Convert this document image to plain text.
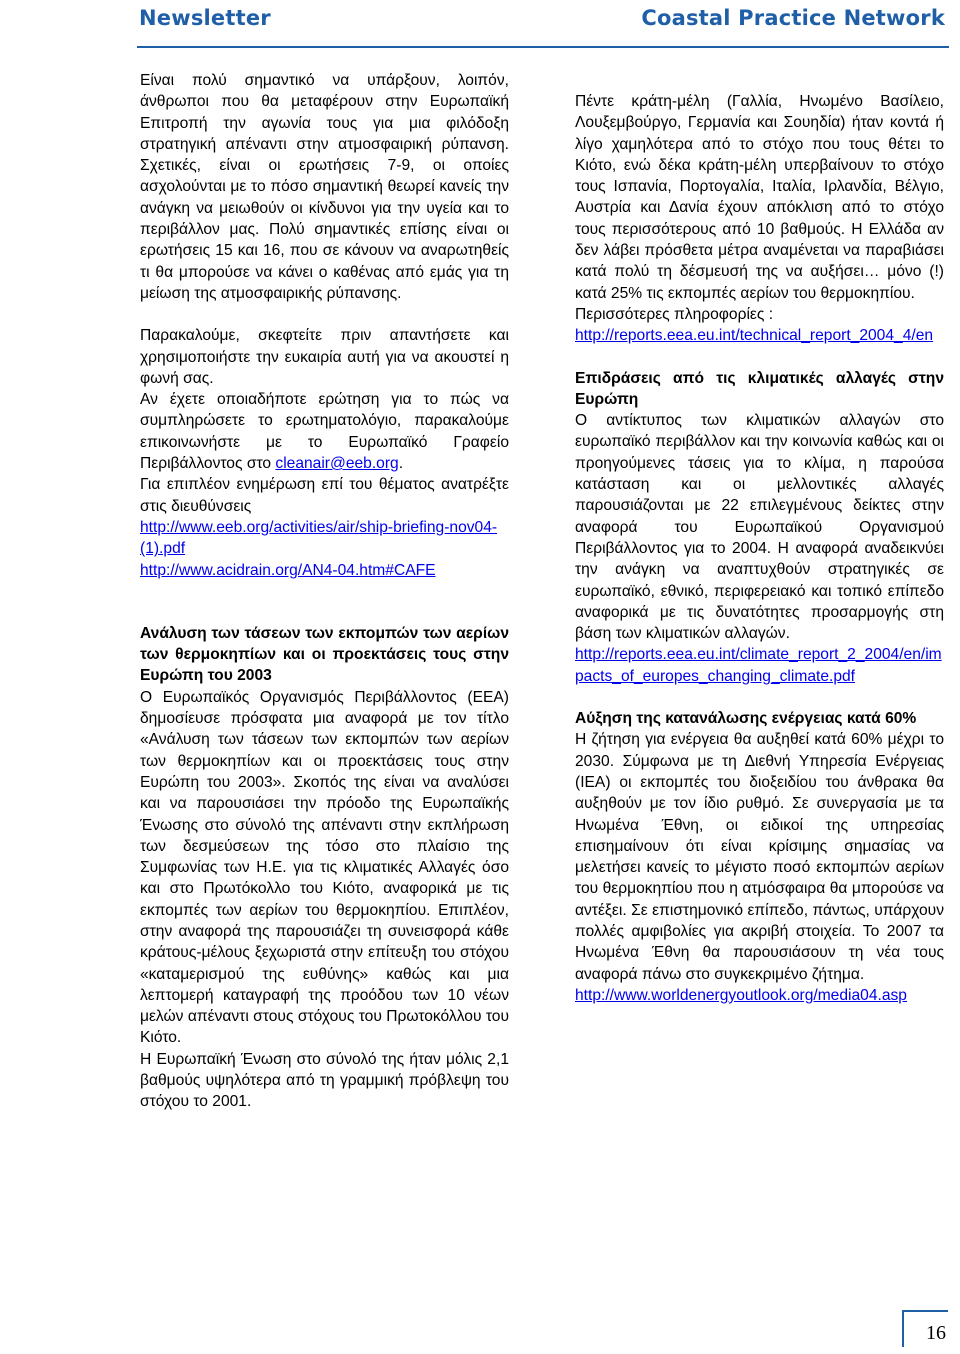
Newsletter	Coastal Practice Network

Είναι πολύ σημαντικό να υπάρξουν, λοιπόν, άνθρωποι που θα μεταφέρουν στην Ευρωπαϊκή Επιτροπή την αγωνία τους για μια φιλόδοξη στρατηγική απέναντι στην ατμοσφαιρική ρύπανση. Σχετικές, είναι οι ερωτήσεις 7-9, οι οποίες ασχολούνται με το πόσο σημαντική θεωρεί κανείς την ανάγκη να μειωθούν οι κίνδυνοι για την υγεία και το περιβάλλον μας. Πολύ σημαντικές επίσης είναι οι ερωτήσεις 15 και 16, που σε κάνουν να αναρωτηθείς τι θα μπορούσε να κάνει ο καθένας από εμάς για τη μείωση της ατμοσφαιρικής ρύπανσης.

Παρακαλούμε, σκεφτείτε πριν απαντήσετε και χρησιμοποιήστε την ευκαιρία αυτή για να ακουστεί η φωνή σας.

Αν έχετε οποιαδήποτε ερώτηση για το πώς να συμπληρώσετε το ερωτηματολόγιο, παρακαλούμε επικοινωνήστε με το Ευρωπαϊκό Γραφείο Περιβάλλοντος στο cleanair@eeb.org.

Για επιπλέον ενημέρωση επί του θέματος ανατρέξτε στις διευθύνσεις

http://www.eeb.org/activities/air/ship-briefing-nov04-(1).pdf
http://www.acidrain.org/AN4-04.htm#CAFE
Ανάλυση των τάσεων των εκπομπών των αερίων των θερμοκηπίων και οι προεκτάσεις τους στην Ευρώπη του 2003

Ο Ευρωπαϊκός Οργανισμός Περιβάλλοντος (ΕΕΑ) δημοσίευσε πρόσφατα μια αναφορά με τον τίτλο «Ανάλυση των τάσεων των εκπομπών των αερίων των θερμοκηπίων και οι προεκτάσεις τους στην Ευρώπη του 2003». Σκοπός της είναι να αναλύσει και να παρουσιάσει την πρόοδο της Ευρωπαϊκής Ένωσης στο σύνολό της απέναντι στην εκπλήρωση των δεσμεύσεων της τόσο στο πλαίσιο της Συμφωνίας των Η.Ε. για τις κλιματικές Αλλαγές όσο και στο Πρωτόκολλο του Κιότο, αναφορικά με τις εκπομπές των αερίων του θερμοκηπίου. Επιπλέον, στην αναφορά της παρουσιάζει τη συνεισφορά κάθε κράτους-μέλους ξεχωριστά στην επίτευξη του στόχου «καταμερισμού της ευθύνης» καθώς και μια λεπτομερή καταγραφή της προόδου των 10 νέων μελών απέναντι στους στόχους του Πρωτοκόλλου του Κιότο.

Η Ευρωπαϊκή Ένωση στο σύνολό της ήταν μόλις 2,1 βαθμούς υψηλότερα από τη γραμμική πρόβλεψη του στόχου το 2001.

Πέντε κράτη-μέλη (Γαλλία, Ηνωμένο Βασίλειο, Λουξεμβούργο, Γερμανία και Σουηδία) ήταν κοντά ή λίγο χαμηλότερα από το στόχο που τους θέτει το Κιότο, ενώ δέκα κράτη-μέλη υπερβαίνουν το στόχο τους Ισπανία, Πορτογαλία, Ιταλία, Ιρλανδία, Βέλγιο, Αυστρία και Δανία έχουν απόκλιση από το στόχο τους περισσότερους από 10 βαθμούς. Η Ελλάδα αν δεν λάβει πρόσθετα μέτρα αναμένεται να παραβιάσει κατά πολύ τη δέσμευσή της να αυξήσει… μόνο (!) κατά 25% τις εκπομπές αερίων του θερμοκηπίου.

Περισσότερες πληροφορίες :

http://reports.eea.eu.int/technical_report_2004_4/en
Επιδράσεις από τις κλιματικές αλλαγές στην Ευρώπη

Ο αντίκτυπος των κλιματικών αλλαγών στο ευρωπαϊκό περιβάλλον και την κοινωνία καθώς και οι προηγούμενες τάσεις για το κλίμα, η παρούσα κατάσταση και οι μελλοντικές αλλαγές παρουσιάζονται με 22 επιλεγμένους δείκτες στην αναφορά του Ευρωπαϊκού Οργανισμού Περιβάλλοντος για το 2004. Η αναφορά αναδεικνύει την ανάγκη να αναπτυχθούν στρατηγικές σε ευρωπαϊκό, εθνικό, περιφερειακό και τοπικό επίπεδο αναφορικά με τις δυνατότητες προσαρμογής στη βάση των κλιματικών αλλαγών.

http://reports.eea.eu.int/climate_report_2_2004/en/impacts_of_europes_changing_climate.pdf
Αύξηση της κατανάλωσης ενέργειας κατά 60%

Η ζήτηση για ενέργεια θα αυξηθεί κατά 60% μέχρι το 2030. Σύμφωνα με τη Διεθνή Υπηρεσία Ενέργειας (ΙΕΑ) οι εκπομπές του διοξειδίου του άνθρακα θα αυξηθούν με τον ίδιο ρυθμό. Σε συνεργασία με τα Ηνωμένα Έθνη, οι ειδικοί της υπηρεσίας επισημαίνουν ότι είναι κρίσιμης σημασίας να μελετήσει κανείς το μέγιστο ποσό εκπομπών αερίων του θερμοκηπίου που η ατμόσφαιρα θα μπορούσε να αντέξει. Σε επιστημονικό επίπεδο, πάντως, υπάρχουν πολλές αμφιβολίες για ακριβή στοιχεία. Το 2007 τα Ηνωμένα Έθνη θα παρουσιάσουν τη νέα τους αναφορά πάνω στο συγκεκριμένο ζήτημα.

http://www.worldenergyoutlook.org/media04.asp
16
